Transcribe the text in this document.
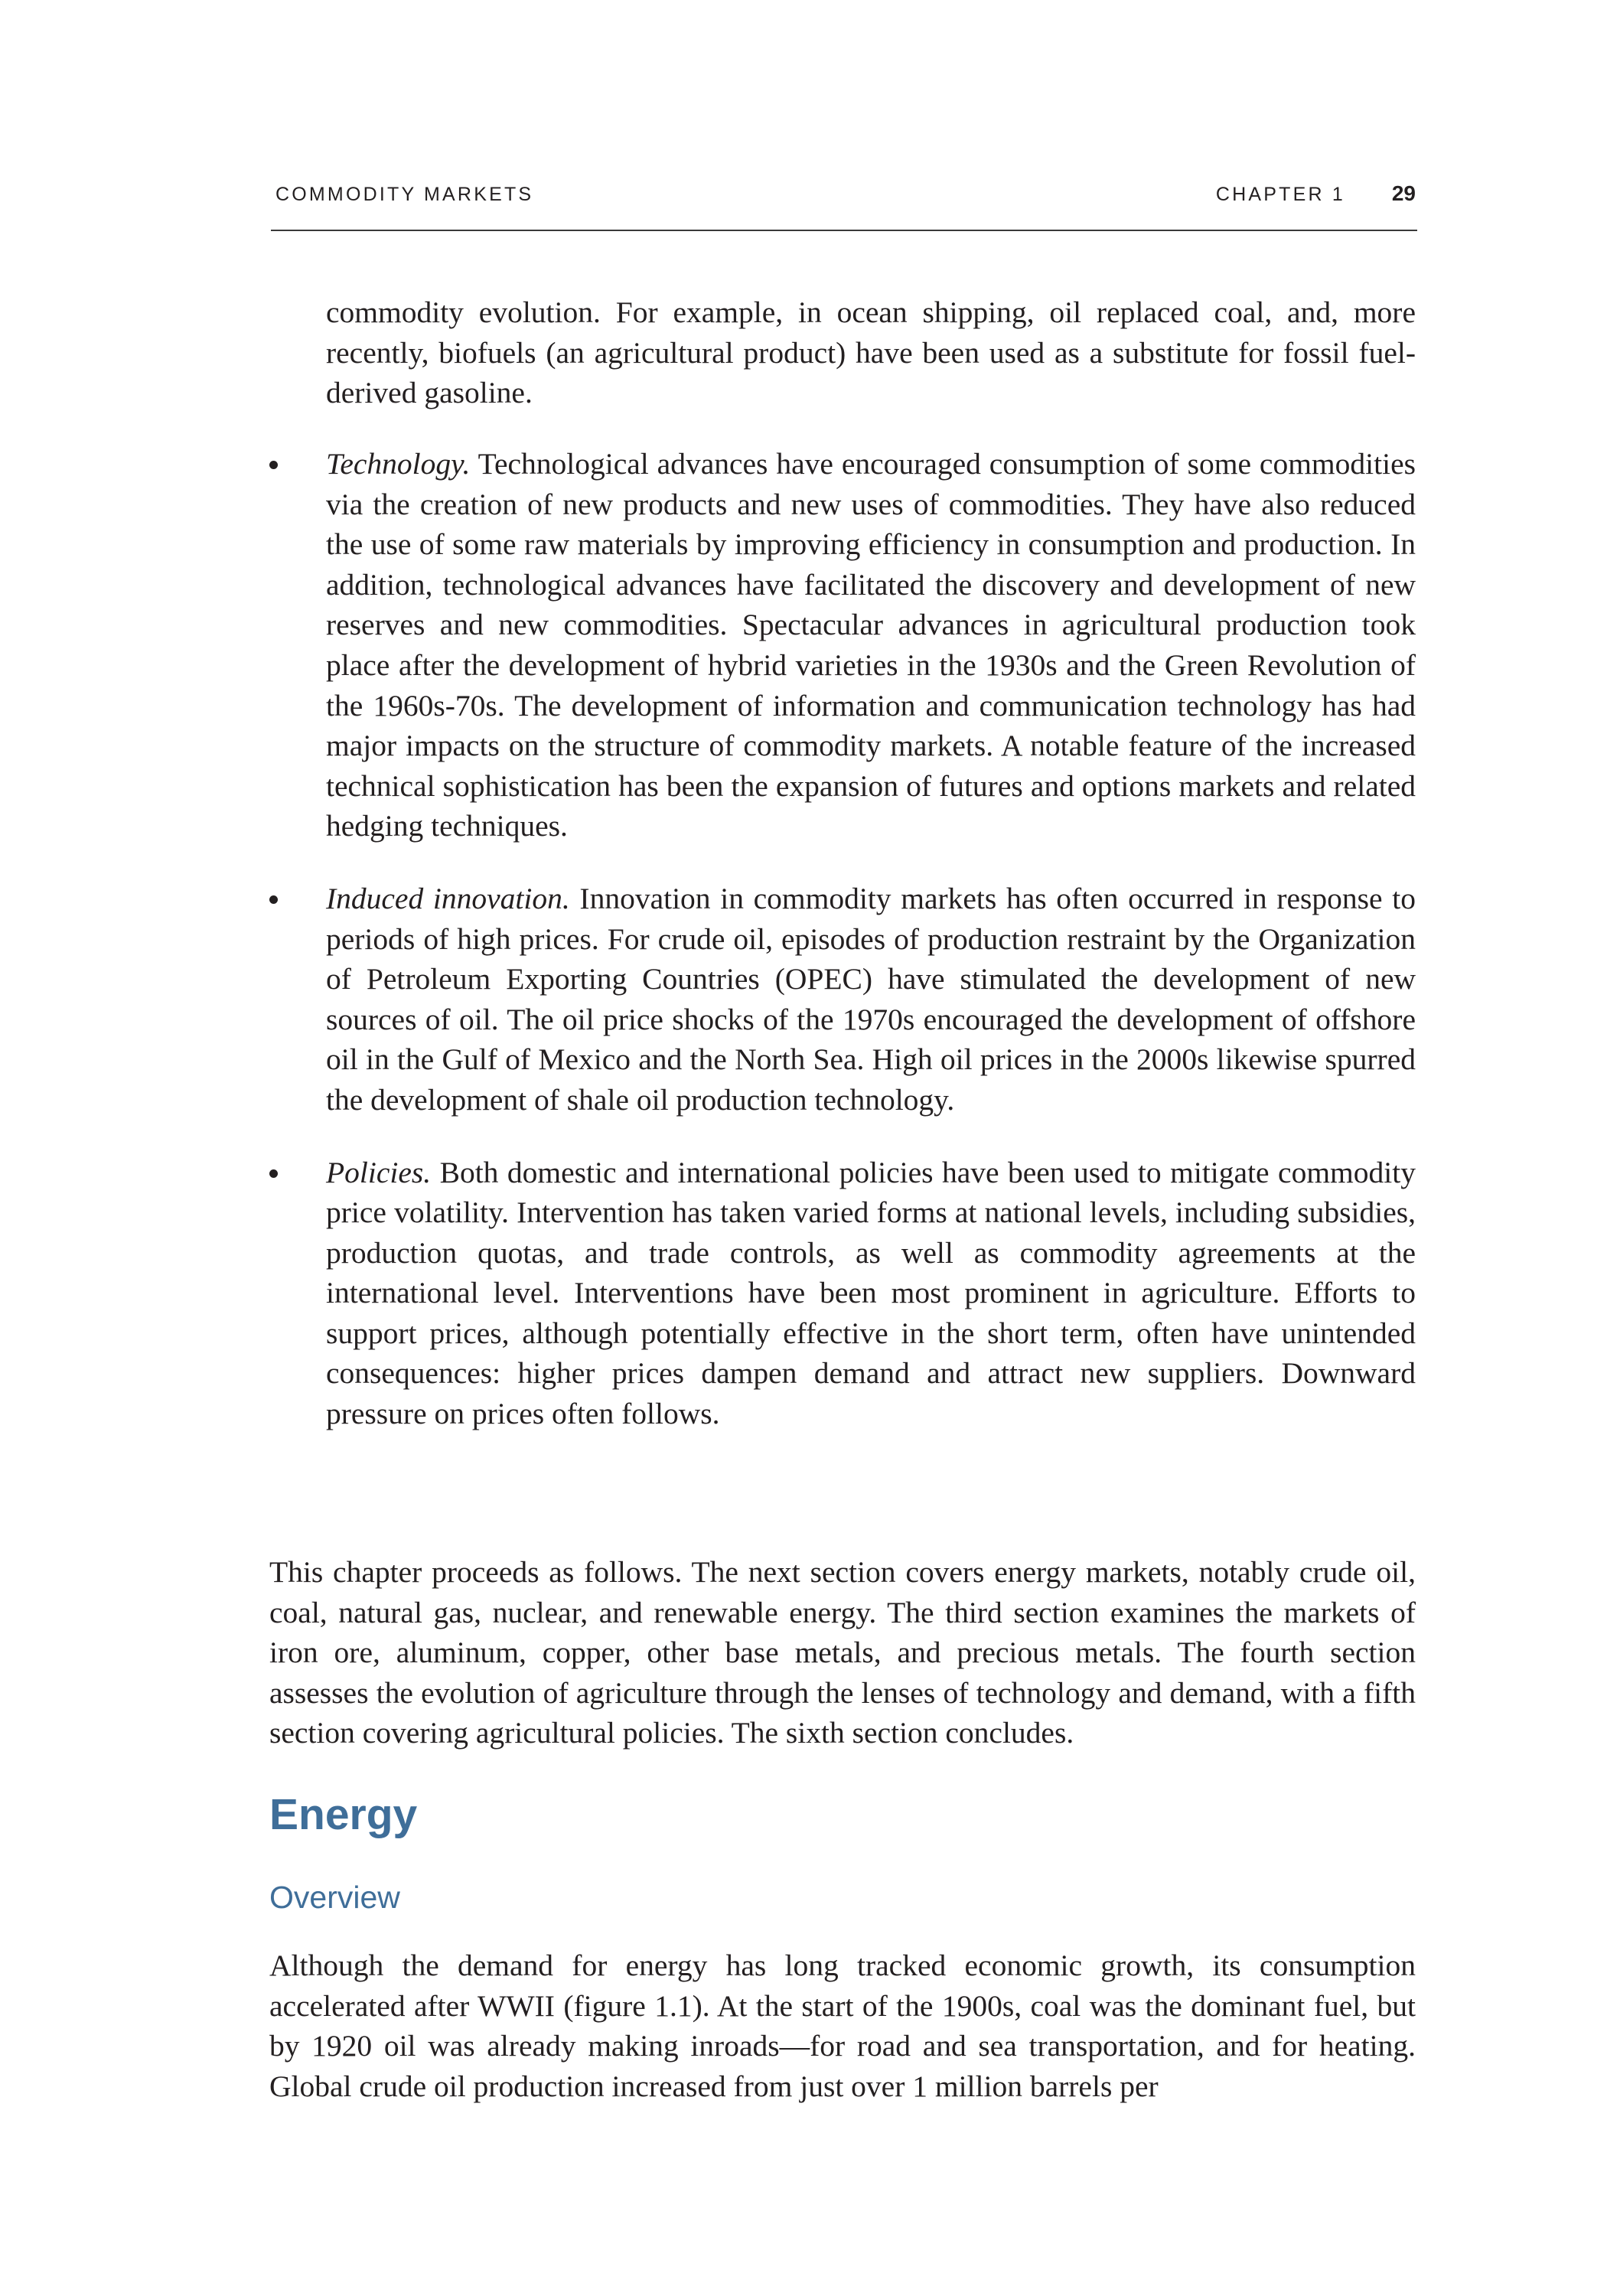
COMMODITY MARKETS	CHAPTER 1 29

commodity evolution. For example, in ocean shipping, oil replaced coal, and, more recently, biofuels (an agricultural product) have been used as a substitute for fossil fuel-derived gasoline.

Technology. Technological advances have encouraged consumption of some commodities via the creation of new products and new uses of commodities. They have also reduced the use of some raw materials by improving efficiency in consumption and production. In addition, technological advances have facilitated the discovery and development of new reserves and new commodities. Spectacular advances in agricultural production took place after the development of hybrid varieties in the 1930s and the Green Revolution of the 1960s-70s. The development of information and communication technology has had major impacts on the structure of commodity markets. A notable feature of the increased technical sophistication has been the expansion of futures and options markets and related hedging techniques.

Induced innovation. Innovation in commodity markets has often occurred in response to periods of high prices. For crude oil, episodes of production restraint by the Organization of Petroleum Exporting Countries (OPEC) have stimulated the development of new sources of oil. The oil price shocks of the 1970s encouraged the development of offshore oil in the Gulf of Mexico and the North Sea. High oil prices in the 2000s likewise spurred the development of shale oil production technology.

Policies. Both domestic and international policies have been used to mitigate commodity price volatility. Intervention has taken varied forms at national levels, including subsidies, production quotas, and trade controls, as well as commodity agreements at the international level. Interventions have been most prominent in agriculture. Efforts to support prices, although potentially effective in the short term, often have unintended consequences: higher prices dampen demand and attract new suppliers. Downward pressure on prices often follows.

This chapter proceeds as follows. The next section covers energy markets, notably crude oil, coal, natural gas, nuclear, and renewable energy. The third section examines the markets of iron ore, aluminum, copper, other base metals, and precious metals. The fourth section assesses the evolution of agriculture through the lenses of technology and demand, with a fifth section covering agricultural policies. The sixth section concludes.

Energy
Overview

Although the demand for energy has long tracked economic growth, its consumption accelerated after WWII (figure 1.1). At the start of the 1900s, coal was the dominant fuel, but by 1920 oil was already making inroads—for road and sea transportation, and for heating. Global crude oil production increased from just over 1 million barrels per
